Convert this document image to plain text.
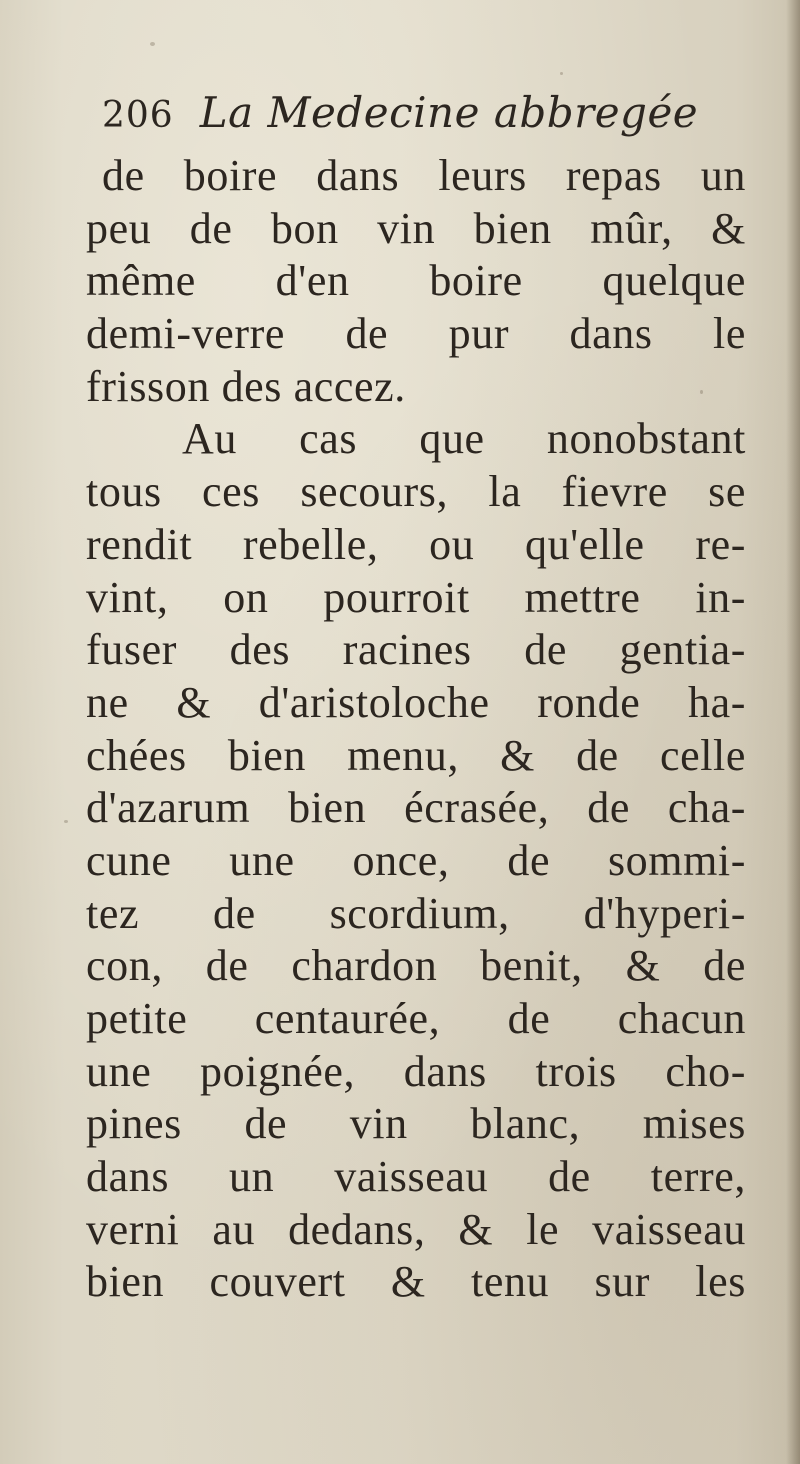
206 La Medecine abbregée
de boire dans leurs repas un
peu de bon vin bien mûr, &
même d'en boire quelque
demi-verre de pur dans le
frisson des accez.
Au cas que nonobstant
tous ces secours, la fievre se
rendit rebelle, ou qu'elle re-
vint, on pourroit mettre in-
fuser des racines de gentia-
ne & d'aristoloche ronde ha-
chées bien menu, & de celle
d'azarum bien écrasée, de cha-
cune une once, de sommi-
tez de scordium, d'hyperi-
con, de chardon benit, & de
petite centaurée, de chacun
une poignée, dans trois cho-
pines de vin blanc, mises
dans un vaisseau de terre,
verni au dedans, & le vaisseau
bien couvert & tenu sur les
